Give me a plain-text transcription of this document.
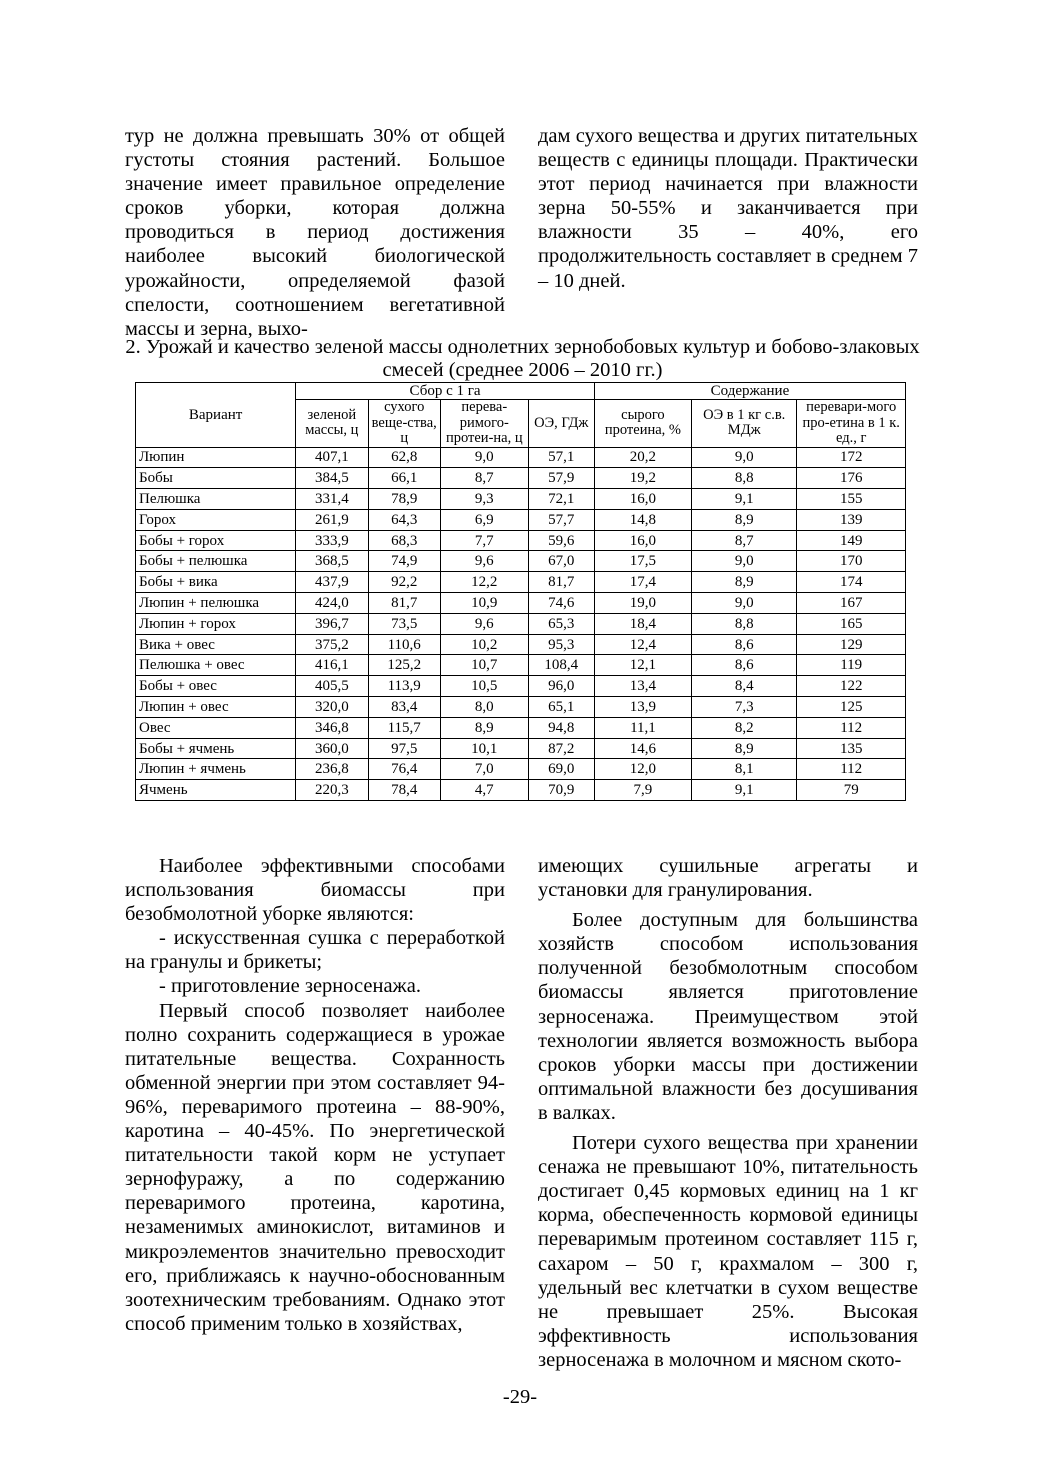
тур не должна превышать 30% от общей густоты стояния растений. Большое значение имеет правильное определение сроков уборки, которая должна проводиться в период достижения наиболее высокий биологической урожайности, определяемой фазой спелости, соотношением вегетативной массы и зерна, выхо-

дам сухого вещества и других питательных веществ с единицы площади. Практически этот период начинается при влажности зерна 50-55% и заканчивается при влажности 35 – 40%, его продолжительность составляет в среднем 7 – 10 дней.

2. Урожай и качество зеленой массы однолетних зернобобовых культур и бобово-злаковых смесей (среднее 2006 – 2010 гг.)
Вариант	Сбор с 1 га				Содержание		
	зеленой массы, ц	сухого веще-ства, ц	перева-римого-протеи-на, ц	ОЭ, ГДж	сырого протеина, %	ОЭ в 1 кг с.в. МДж	перевари-мого про-етина в 1 к. ед., г
Люпин	407,1	62,8	9,0	57,1	20,2	9,0	172
Бобы	384,5	66,1	8,7	57,9	19,2	8,8	176
Пелюшка	331,4	78,9	9,3	72,1	16,0	9,1	155
Горох	261,9	64,3	6,9	57,7	14,8	8,9	139
Бобы + горох	333,9	68,3	7,7	59,6	16,0	8,7	149
Бобы + пелюшка	368,5	74,9	9,6	67,0	17,5	9,0	170
Бобы + вика	437,9	92,2	12,2	81,7	17,4	8,9	174
Люпин + пелюшка	424,0	81,7	10,9	74,6	19,0	9,0	167
Люпин + горох	396,7	73,5	9,6	65,3	18,4	8,8	165
Вика + овес	375,2	110,6	10,2	95,3	12,4	8,6	129
Пелюшка + овес	416,1	125,2	10,7	108,4	12,1	8,6	119
Бобы + овес	405,5	113,9	10,5	96,0	13,4	8,4	122
Люпин + овес	320,0	83,4	8,0	65,1	13,9	7,3	125
Овес	346,8	115,7	8,9	94,8	11,1	8,2	112
Бобы + ячмень	360,0	97,5	10,1	87,2	14,6	8,9	135
Люпин + ячмень	236,8	76,4	7,0	69,0	12,0	8,1	112
Ячмень	220,3	78,4	4,7	70,9	7,9	9,1	79

Наиболее эффективными способами использования биомассы при безобмолотной уборке являются:

- искусственная сушка с переработкой на гранулы и брикеты;

- приготовление зерносенажа.

Первый способ позволяет наиболее полно сохранить содержащиеся в урожае питательные вещества. Сохранность обменной энергии при этом составляет 94-96%, переваримого протеина – 88-90%, каротина – 40-45%. По энергетической питательности такой корм не уступает зернофуражу, а по содержанию переваримого протеина, каротина, незаменимых аминокислот, витаминов и микроэлементов значительно превосходит его, приближаясь к научно-обоснованным зоотехническим требованиям. Однако этот способ применим только в хозяйствах,

имеющих сушильные агрегаты и установки для гранулирования.

Более доступным для большинства хозяйств способом использования полученной безобмолотным способом биомассы является приготовление зерносенажа. Преимуществом этой технологии является возможность выбора сроков уборки массы при достижении оптимальной влажности без досушивания в валках.

Потери сухого вещества при хранении сенажа не превышают 10%, питательность достигает 0,45 кормовых единиц на 1 кг корма, обеспеченность кормовой единицы переваримым протеином составляет 115 г, сахаром – 50 г, крахмалом – 300 г, удельный вес клетчатки в сухом веществе не превышает 25%. Высокая эффективность использования зерносенажа в молочном и мясном ското-

-29-
